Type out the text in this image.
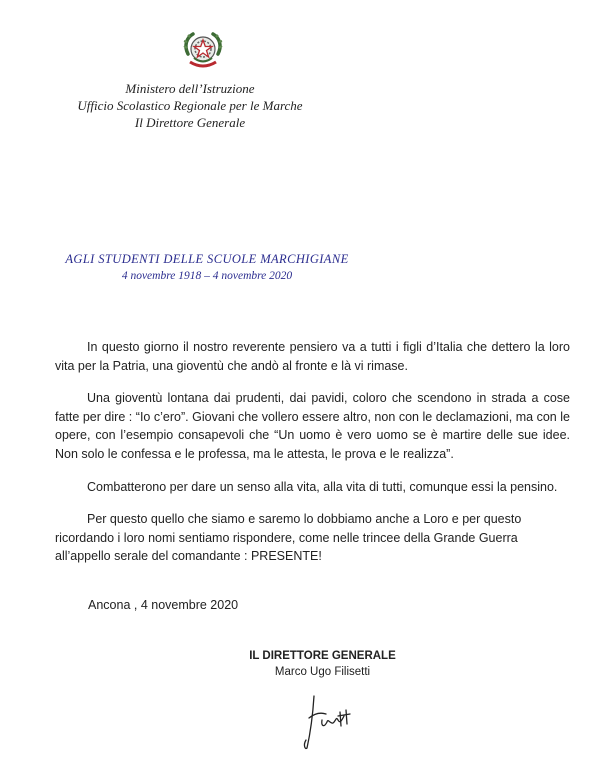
Ministero dell’Istruzione
Ufficio Scolastico Regionale per le Marche
Il Direttore Generale
AGLI STUDENTI DELLE SCUOLE MARCHIGIANE
4 novembre 1918 – 4 novembre 2020

In questo giorno il nostro reverente pensiero va a tutti i figli d’Italia che dettero la loro vita per la Patria, una gioventù che andò al fronte e là vi rimase.

Una gioventù lontana dai prudenti, dai pavidi, coloro che scendono in strada a cose fatte per dire : “Io c’ero”. Giovani che vollero essere altro, non con le declamazioni, ma con le opere, con l’esempio consapevoli che “Un uomo è vero uomo se è martire delle sue idee. Non solo le confessa e le professa, ma le attesta, le prova e le realizza”.

Combatterono per dare un senso alla vita, alla vita di tutti, comunque essi la pensino.

Per questo quello che siamo e saremo lo dobbiamo anche a Loro e per questo ricordando i loro nomi sentiamo rispondere, come nelle trincee della Grande Guerra all’appello serale del comandante : PRESENTE!

Ancona , 4 novembre 2020
IL DIRETTORE GENERALE
Marco Ugo Filisetti
